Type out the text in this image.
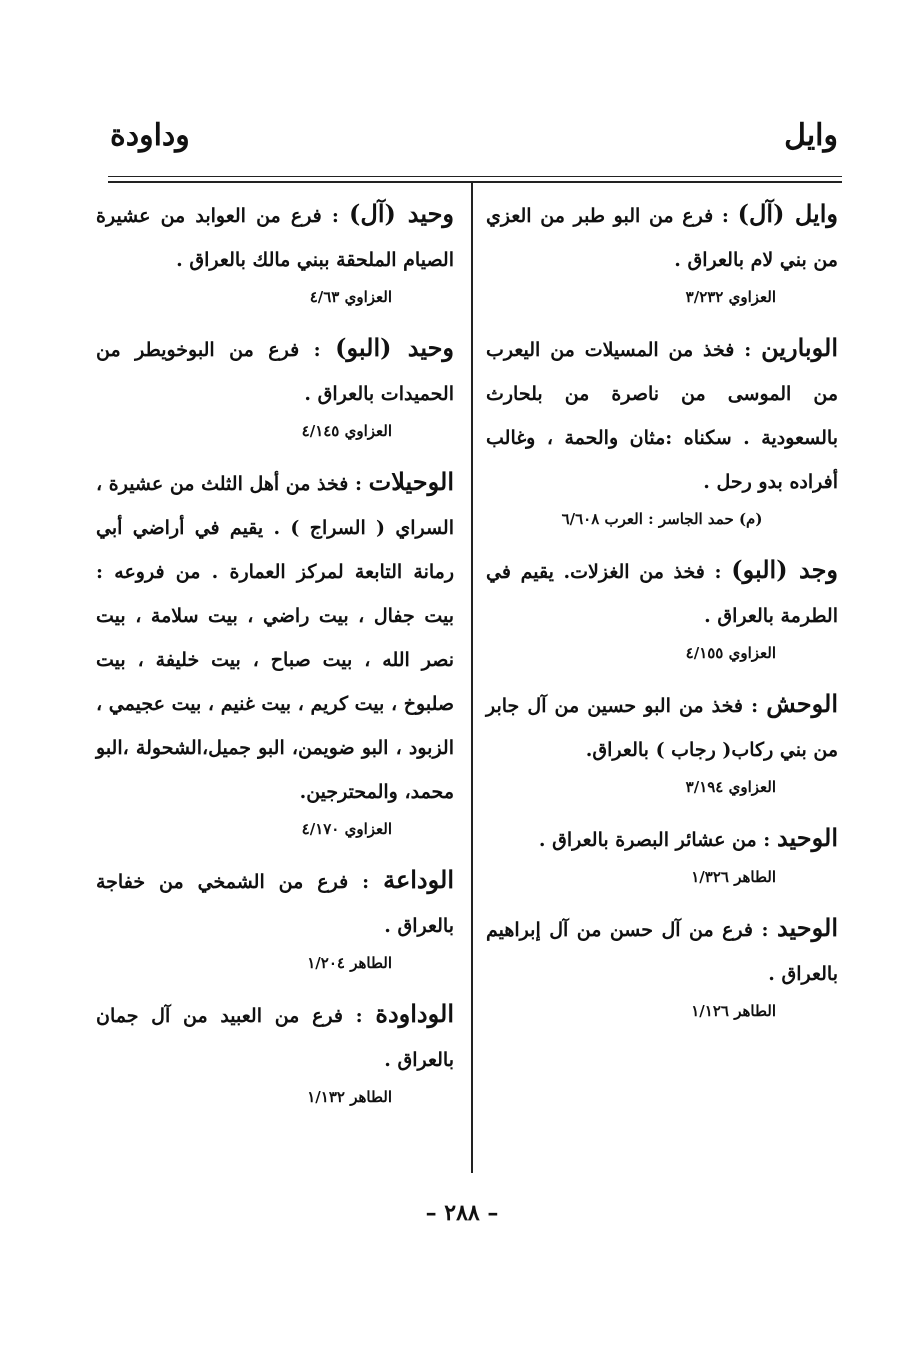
وايل
وداودة
وايل (آل) : فرع من البو طبر من العزي من بني لام بالعراق .
العزاوي ٣/٢٣٢
الوبارين : فخذ من المسيلات من اليعرب من الموسى من ناصرة من بلحارث بالسعودية . سكناه :مثان والحمة ، وغالب أفراده بدو رحل .
(م) حمد الجاسر : العرب ٦/٦٠٨
وجد (البو) : فخذ من الغزلات. يقيم في الطرمة بالعراق .
العزاوي ٤/١٥٥
الوحش : فخذ من البو حسين من آل جابر من بني ركاب( رجاب ) بالعراق.
العزاوي ٣/١٩٤
الوحيد : من عشائر البصرة بالعراق .
الطاهر ١/٣٢٦
الوحيد : فرع من آل حسن من آل إبراهيم بالعراق .
الطاهر ١/١٢٦
وحيد (آل) : فرع من العوابد من عشيرة الصيام الملحقة ببني مالك بالعراق .
العزاوي ٤/٦٣
وحيد (البو) : فرع من البوخويطر من الحميدات بالعراق .
العزاوي ٤/١٤٥
الوحيلات : فخذ من أهل الثلث من عشيرة ، السراي ( السراج ) . يقيم في أراضي أبي رمانة التابعة لمركز العمارة . من فروعه : بيت جفال ، بيت راضي ، بيت سلامة ، بيت نصر الله ، بيت صباح ، بيت خليفة ، بيت صلبوخ ، بيت كريم ، بيت غنيم ، بيت عجيمي ، الزبود ، البو ضويمن، البو جميل،الشحولة ،البو محمد، والمحترجين.
العزاوي ٤/١٧٠
الوداعة : فرع من الشمخي من خفاجة بالعراق .
الطاهر ١/٢٠٤
الوداودة : فرع من العبيد من آل جمان بالعراق .
الطاهر ١/١٣٢
– ٢٨٨ –
